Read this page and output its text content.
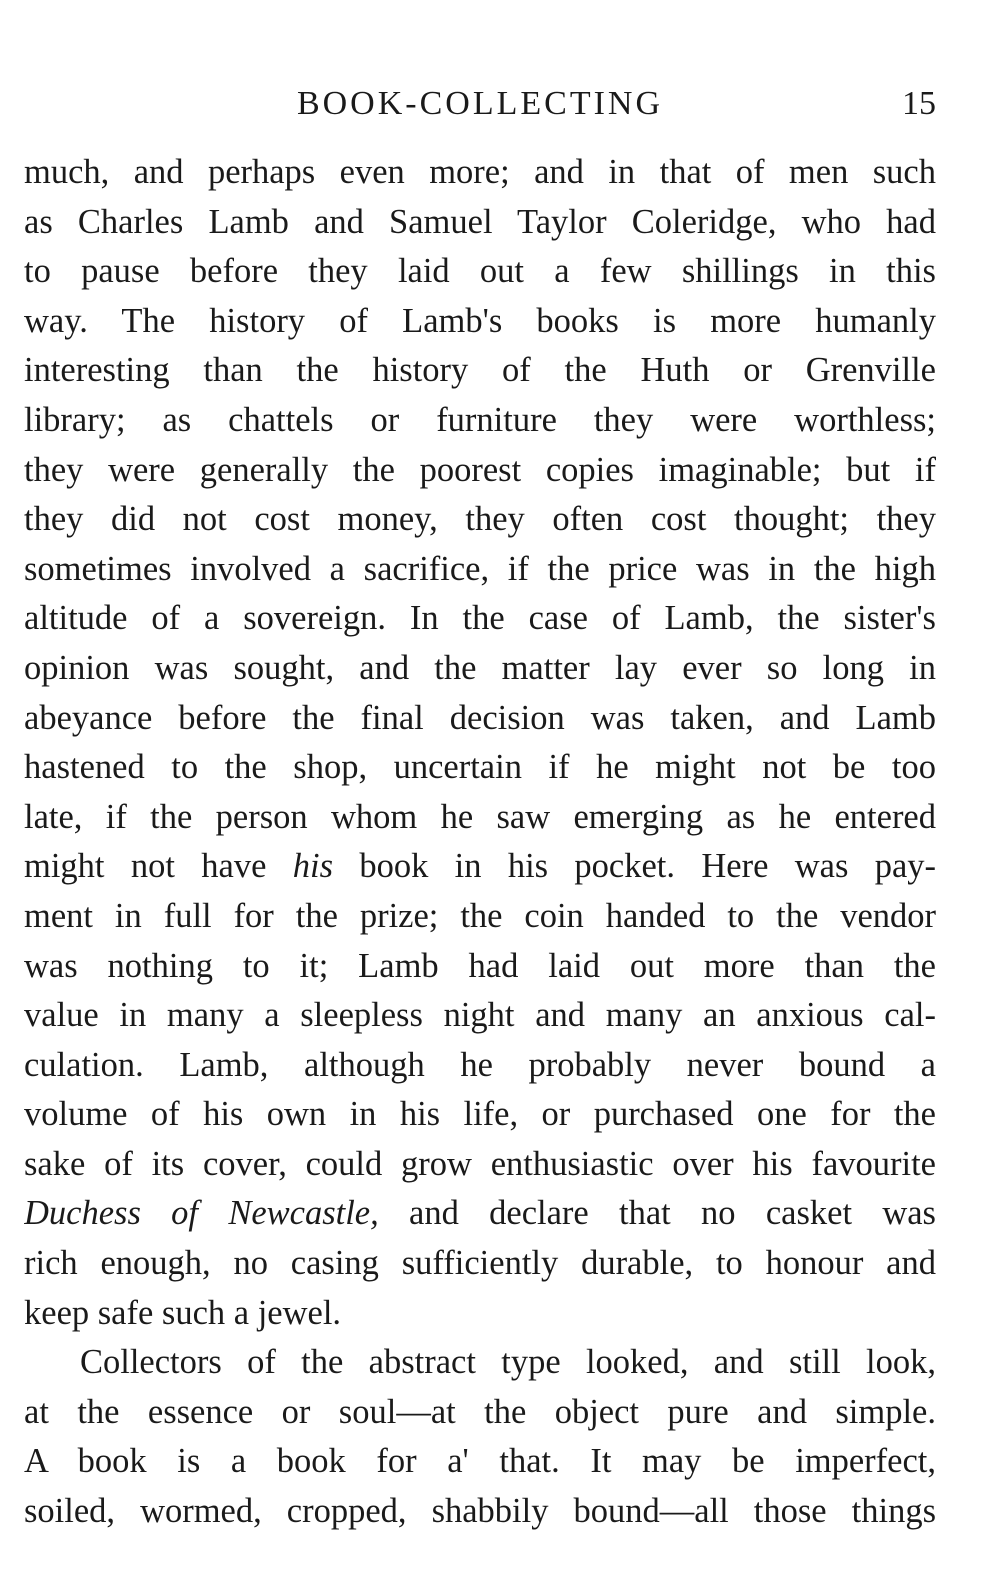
BOOK-COLLECTING	15
much, and perhaps even more; and in that of men such
as Charles Lamb and Samuel Taylor Coleridge, who had
to pause before they laid out a few shillings in this
way. The history of Lamb's books is more humanly
interesting than the history of the Huth or Grenville
library; as chattels or furniture they were worthless;
they were generally the poorest copies imaginable; but if
they did not cost money, they often cost thought; they
sometimes involved a sacrifice, if the price was in the high
altitude of a sovereign. In the case of Lamb, the sister's
opinion was sought, and the matter lay ever so long in
abeyance before the final decision was taken, and Lamb
hastened to the shop, uncertain if he might not be too
late, if the person whom he saw emerging as he entered
might not have his book in his pocket. Here was pay-
ment in full for the prize; the coin handed to the vendor
was nothing to it; Lamb had laid out more than the
value in many a sleepless night and many an anxious cal-
culation. Lamb, although he probably never bound a
volume of his own in his life, or purchased one for the
sake of its cover, could grow enthusiastic over his favourite
Duchess of Newcastle, and declare that no casket was
rich enough, no casing sufficiently durable, to honour and
keep safe such a jewel.
Collectors of the abstract type looked, and still look,
at the essence or soul—at the object pure and simple.
A book is a book for a' that. It may be imperfect,
soiled, wormed, cropped, shabbily bound—all those things
